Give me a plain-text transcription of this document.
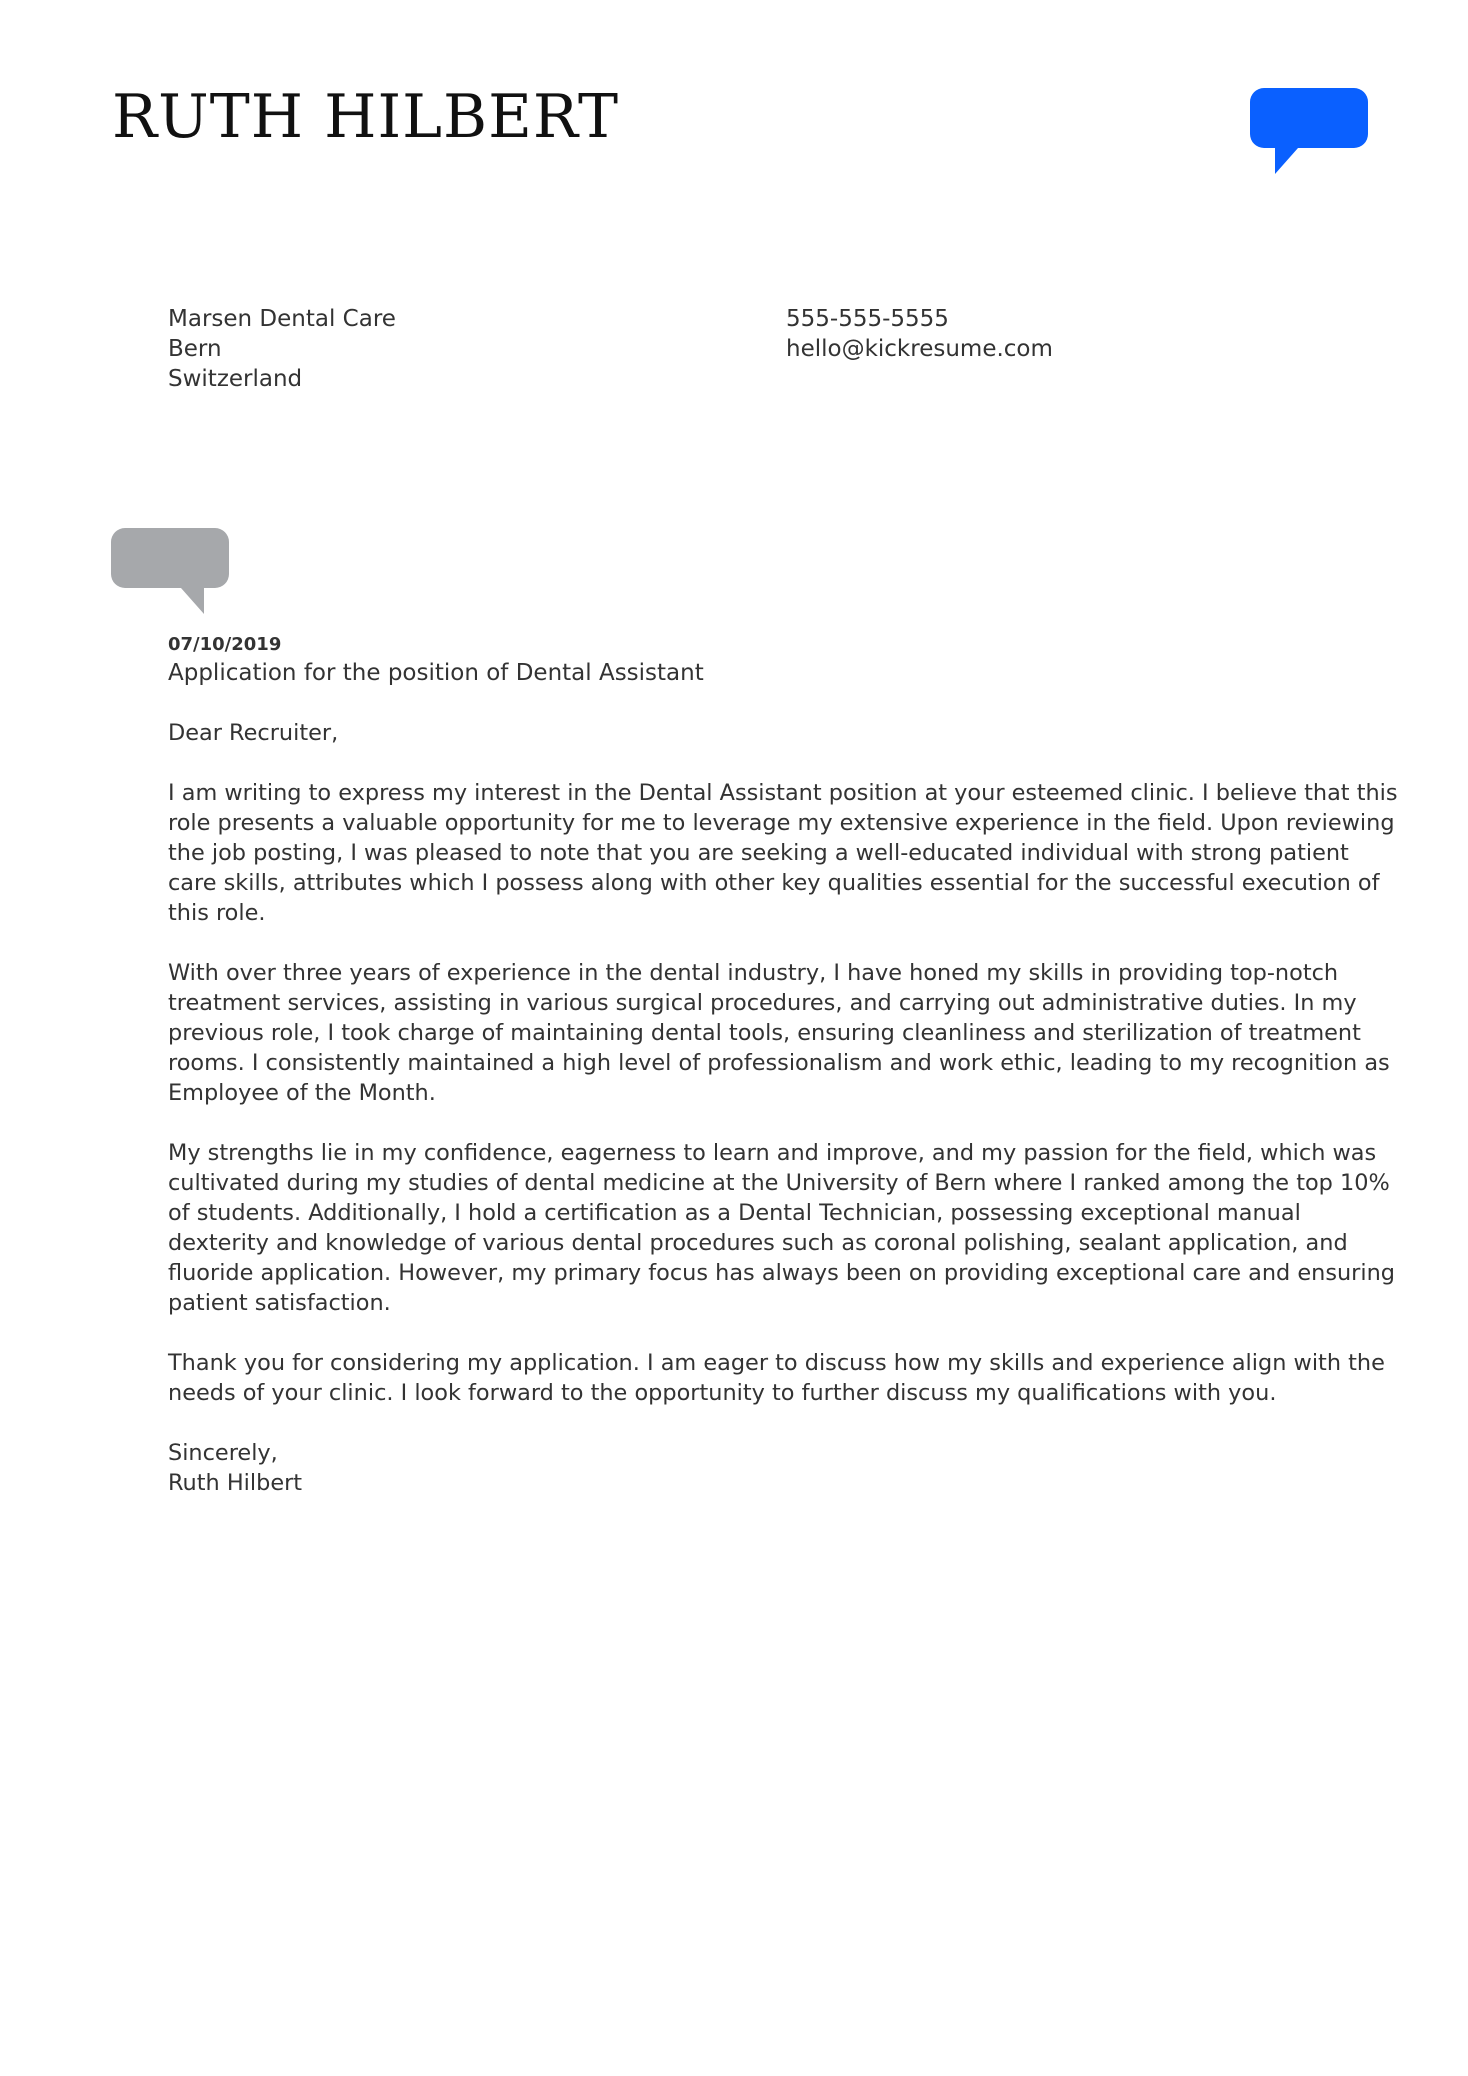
RUTH HILBERT
Marsen Dental Care
Bern
Switzerland
555-555-5555
hello@kickresume.com
07/10/2019
Application for the position of Dental Assistant

Dear Recruiter,

I am writing to express my interest in the Dental Assistant position at your esteemed clinic. I believe that this
role presents a valuable opportunity for me to leverage my extensive experience in the field. Upon reviewing
the job posting, I was pleased to note that you are seeking a well-educated individual with strong patient
care skills, attributes which I possess along with other key qualities essential for the successful execution of
this role.

With over three years of experience in the dental industry, I have honed my skills in providing top-notch
treatment services, assisting in various surgical procedures, and carrying out administrative duties. In my
previous role, I took charge of maintaining dental tools, ensuring cleanliness and sterilization of treatment
rooms. I consistently maintained a high level of professionalism and work ethic, leading to my recognition as
Employee of the Month.

My strengths lie in my confidence, eagerness to learn and improve, and my passion for the field, which was
cultivated during my studies of dental medicine at the University of Bern where I ranked among the top 10%
of students. Additionally, I hold a certification as a Dental Technician, possessing exceptional manual
dexterity and knowledge of various dental procedures such as coronal polishing, sealant application, and
fluoride application. However, my primary focus has always been on providing exceptional care and ensuring
patient satisfaction.

Thank you for considering my application. I am eager to discuss how my skills and experience align with the
needs of your clinic. I look forward to the opportunity to further discuss my qualifications with you.

Sincerely,
Ruth Hilbert
